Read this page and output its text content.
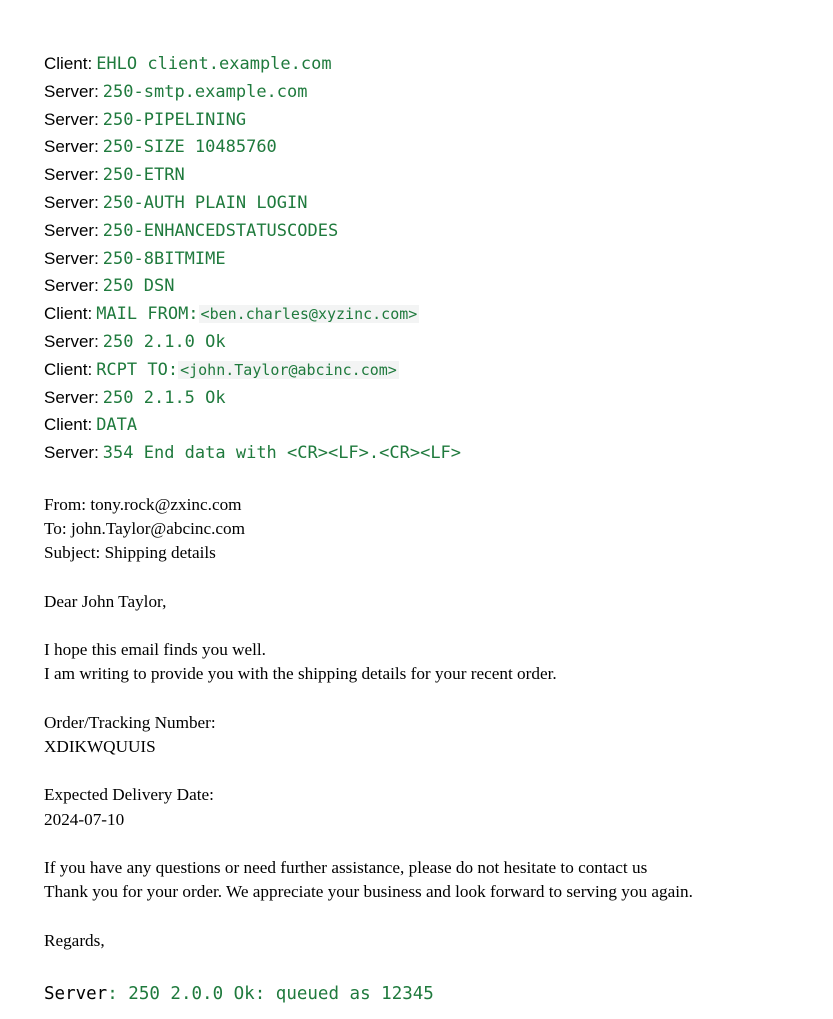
Client: EHLO client.example.com
Server: 250-smtp.example.com
Server: 250-PIPELINING
Server: 250-SIZE 10485760
Server: 250-ETRN
Server: 250-AUTH PLAIN LOGIN
Server: 250-ENHANCEDSTATUSCODES
Server: 250-8BITMIME
Server: 250 DSN
Client: MAIL FROM: <ben.charles@xyzinc.com>
Server: 250 2.1.0 Ok
Client: RCPT TO: <john.Taylor@abcinc.com>
Server: 250 2.1.5 Ok
Client: DATA
Server: 354 End data with <CR><LF>.<CR><LF>
From: tony.rock@zxinc.com
To: john.Taylor@abcinc.com
Subject: Shipping details
Dear John Taylor,
I hope this email finds you well.
I am writing to provide you with the shipping details for your recent order.
Order/Tracking Number:
XDIKWQUUIS
Expected Delivery Date:
2024-07-10
If you have any questions or need further assistance, please do not hesitate to contact us
Thank you for your order. We appreciate your business and look forward to serving you again.
Regards,
Server: 250 2.0.0 Ok: queued as 12345
